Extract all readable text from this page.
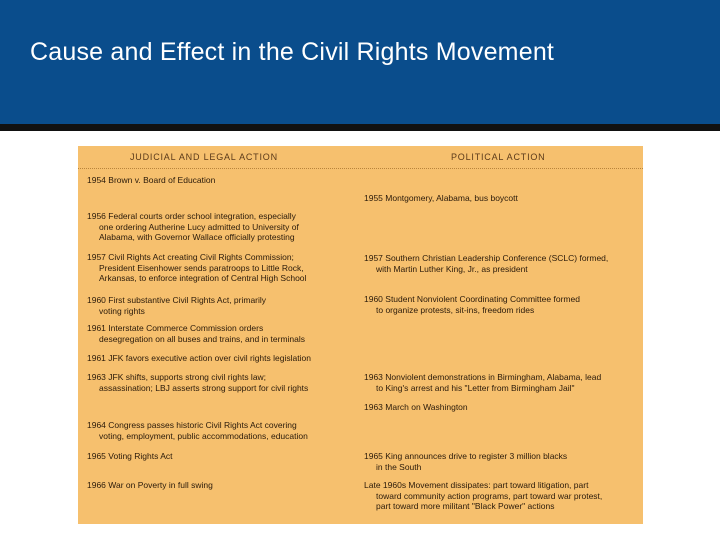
Cause and Effect in the Civil Rights Movement
JUDICIAL AND LEGAL ACTION	POLITICAL ACTION
1954 Brown v. Board of Education
1956 Federal courts order school integration, especially
one ordering Autherine Lucy admitted to University of
Alabama, with Governor Wallace officially protesting
1957 Civil Rights Act creating Civil Rights Commission;
President Eisenhower sends paratroops to Little Rock,
Arkansas, to enforce integration of Central High School
1960 First substantive Civil Rights Act, primarily
voting rights
1961 Interstate Commerce Commission orders
desegregation on all buses and trains, and in terminals
1961 JFK favors executive action over civil rights legislation
1963 JFK shifts, supports strong civil rights law;
assassination; LBJ asserts strong support for civil rights
1964 Congress passes historic Civil Rights Act covering
voting, employment, public accommodations, education
1965 Voting Rights Act
1966 War on Poverty in full swing
1955 Montgomery, Alabama, bus boycott
1957 Southern Christian Leadership Conference (SCLC) formed,
with Martin Luther King, Jr., as president
1960 Student Nonviolent Coordinating Committee formed
to organize protests, sit-ins, freedom rides
1963 Nonviolent demonstrations in Birmingham, Alabama, lead
to King's arrest and his "Letter from Birmingham Jail"
1963 March on Washington
1965 King announces drive to register 3 million blacks
in the South
Late 1960s Movement dissipates: part toward litigation, part
toward community action programs, part toward war protest,
part toward more militant "Black Power" actions
